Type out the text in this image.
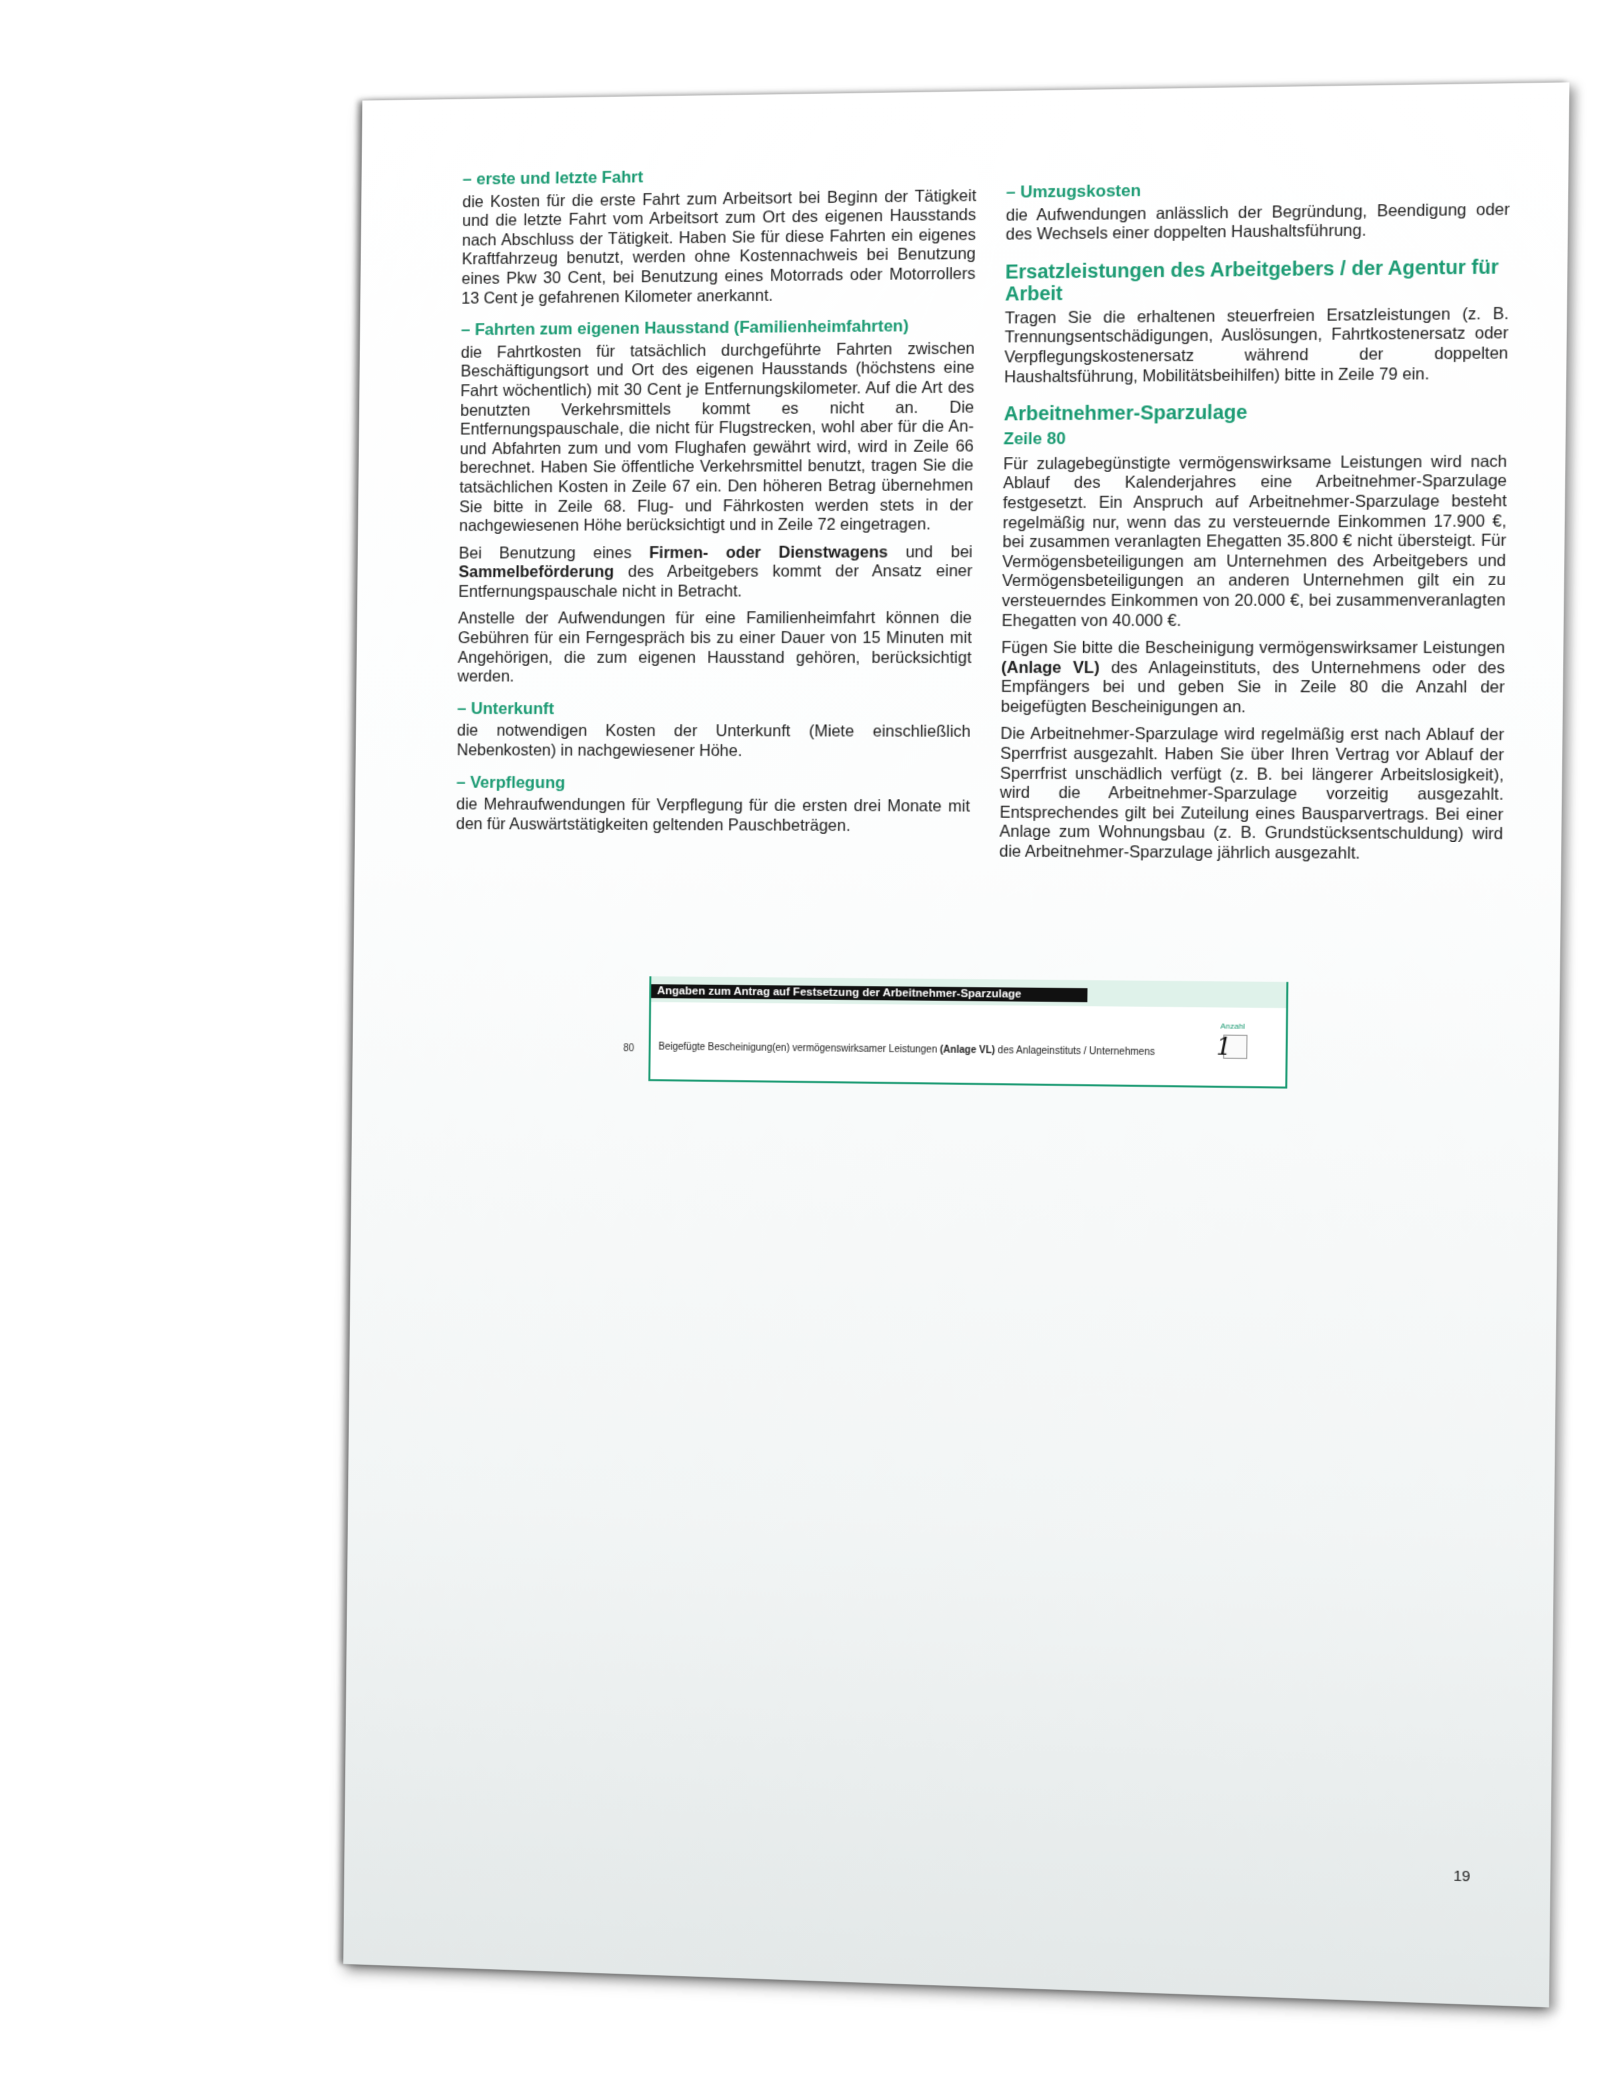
– erste und letzte Fahrt

die Kosten für die erste Fahrt zum Arbeitsort bei Beginn der Tätigkeit und die letzte Fahrt vom Arbeitsort zum Ort des eigenen Hausstands nach Abschluss der Tätigkeit. Haben Sie für diese Fahrten ein eigenes Kraftfahrzeug benutzt, werden ohne Kostennachweis bei Benutzung eines Pkw 30 Cent, bei Benutzung eines Motorrads oder Motorrollers 13 Cent je gefahrenen Kilometer anerkannt.

– Fahrten zum eigenen Hausstand (Familienheimfahrten)

die Fahrtkosten für tatsächlich durchgeführte Fahrten zwischen Beschäftigungsort und Ort des eigenen Hausstands (höchstens eine Fahrt wöchentlich) mit 30 Cent je Entfernungskilometer. Auf die Art des benutzten Verkehrsmittels kommt es nicht an. Die Entfernungspauschale, die nicht für Flugstrecken, wohl aber für die An- und Abfahrten zum und vom Flughafen gewährt wird, wird in Zeile 66 berechnet. Haben Sie öffentliche Verkehrsmittel benutzt, tragen Sie die tatsächlichen Kosten in Zeile 67 ein. Den höheren Betrag übernehmen Sie bitte in Zeile 68. Flug- und Fährkosten werden stets in der nachgewiesenen Höhe berücksichtigt und in Zeile 72 eingetragen.

Bei Benutzung eines Firmen- oder Dienstwagens und bei Sammelbeförderung des Arbeitgebers kommt der Ansatz einer Entfernungspauschale nicht in Betracht.

Anstelle der Aufwendungen für eine Familienheimfahrt können die Gebühren für ein Ferngespräch bis zu einer Dauer von 15 Minuten mit Angehörigen, die zum eigenen Hausstand gehören, berücksichtigt werden.

– Unterkunft

die notwendigen Kosten der Unterkunft (Miete einschließlich Nebenkosten) in nachgewiesener Höhe.

– Verpflegung

die Mehraufwendungen für Verpflegung für die ersten drei Monate mit den für Auswärtstätigkeiten geltenden Pauschbeträgen.

– Umzugskosten

die Aufwendungen anlässlich der Begründung, Beendigung oder des Wechsels einer doppelten Haushaltsführung.

Ersatzleistungen des Arbeitgebers / der Agentur für Arbeit

Tragen Sie die erhaltenen steuerfreien Ersatzleistungen (z. B. Trennungsentschädigungen, Auslösungen, Fahrtkostenersatz oder Verpflegungskostenersatz während der doppelten Haushaltsführung, Mobilitätsbeihilfen) bitte in Zeile 79 ein.

Arbeitnehmer-Sparzulage
Zeile 80

Für zulagebegünstigte vermögenswirksame Leistungen wird nach Ablauf des Kalenderjahres eine Arbeitnehmer-Sparzulage festgesetzt. Ein Anspruch auf Arbeitnehmer-Sparzulage besteht regelmäßig nur, wenn das zu versteuernde Einkommen 17.900 €, bei zusammen veranlagten Ehegatten 35.800 € nicht übersteigt. Für Vermögensbeteiligungen am Unternehmen des Arbeitgebers und Vermögensbeteiligungen an anderen Unternehmen gilt ein zu versteuerndes Einkommen von 20.000 €, bei zusammenveranlagten Ehegatten von 40.000 €.

Fügen Sie bitte die Bescheinigung vermögenswirksamer Leistungen (Anlage VL) des Anlageinstituts, des Unternehmens oder des Empfängers bei und geben Sie in Zeile 80 die Anzahl der beigefügten Bescheinigungen an.

Die Arbeitnehmer-Sparzulage wird regelmäßig erst nach Ablauf der Sperrfrist ausgezahlt. Haben Sie über Ihren Vertrag vor Ablauf der Sperrfrist unschädlich verfügt (z. B. bei längerer Arbeitslosigkeit), wird die Arbeitnehmer-Sparzulage vorzeitig ausgezahlt. Entsprechendes gilt bei Zuteilung eines Bausparvertrags. Bei einer Anlage zum Wohnungsbau (z. B. Grundstücksentschuldung) wird die Arbeitnehmer-Sparzulage jährlich ausgezahlt.

80
Angaben zum Antrag auf Festsetzung der Arbeitnehmer-Sparzulage
Beigefügte Bescheinigung(en) vermögenswirksamer Leistungen (Anlage VL) des Anlageinstituts / Unternehmens
Anzahl
1
19
